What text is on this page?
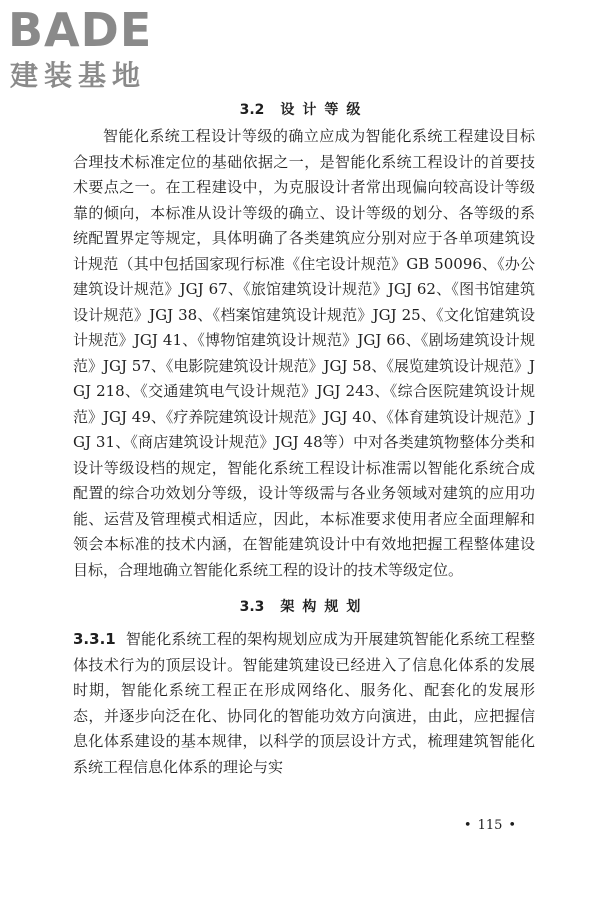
BADE
建装基地
3.2 设计等级

智能化系统工程设计等级的确立应成为智能化系统工程建设目标合理技术标准定位的基础依据之一，是智能化系统工程设计的首要技术要点之一。在工程建设中，为克服设计者常出现偏向较高设计等级靠的倾向，本标准从设计等级的确立、设计等级的划分、各等级的系统配置界定等规定，具体明确了各类建筑应分别对应于各单项建筑设计规范（其中包括国家现行标准《住宅设计规范》GB 50096、《办公建筑设计规范》JGJ 67、《旅馆建筑设计规范》JGJ 62、《图书馆建筑设计规范》JGJ 38、《档案馆建筑设计规范》JGJ 25、《文化馆建筑设计规范》JGJ 41、《博物馆建筑设计规范》JGJ 66、《剧场建筑设计规范》JGJ 57、《电影院建筑设计规范》JGJ 58、《展览建筑设计规范》JGJ 218、《交通建筑电气设计规范》JGJ 243、《综合医院建筑设计规范》JGJ 49、《疗养院建筑设计规范》JGJ 40、《体育建筑设计规范》JGJ 31、《商店建筑设计规范》JGJ 48等）中对各类建筑物整体分类和设计等级设档的规定，智能化系统工程设计标准需以智能化系统合成配置的综合功效划分等级，设计等级需与各业务领域对建筑的应用功能、运营及管理模式相适应，因此，本标准要求使用者应全面理解和领会本标准的技术内涵，在智能建筑设计中有效地把握工程整体建设目标，合理地确立智能化系统工程的设计的技术等级定位。

3.3 架构规划

3.3.1 智能化系统工程的架构规划应成为开展建筑智能化系统工程整体技术行为的顶层设计。智能建筑建设已经进入了信息化体系的发展时期，智能化系统工程正在形成网络化、服务化、配套化的发展形态，并逐步向泛在化、协同化的智能功效方向演进，由此，应把握信息化体系建设的基本规律，以科学的顶层设计方式，梳理建筑智能化系统工程信息化体系的理论与实

• 115 •
